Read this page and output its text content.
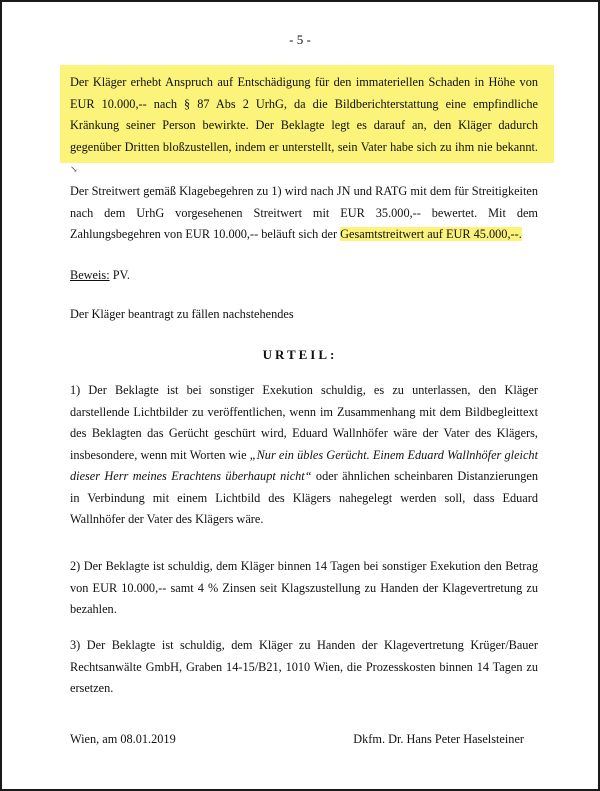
- 5 -
Der Kläger erhebt Anspruch auf Entschädigung für den immateriellen Schaden in Höhe von EUR 10.000,-- nach § 87 Abs 2 UrhG, da die Bildberichterstattung eine empfindliche Kränkung seiner Person bewirkte. Der Beklagte legt es darauf an, den Kläger dadurch gegenüber Dritten bloßzustellen, indem er unterstellt, sein Vater habe sich zu ihm nie bekannt. ↘
Der Streitwert gemäß Klagebegehren zu 1) wird nach JN und RATG mit dem für Streitigkeiten nach dem UrhG vorgesehenen Streitwert mit EUR 35.000,-- bewertet. Mit dem Zahlungsbegehren von EUR 10.000,-- beläuft sich der Gesamtstreitwert auf EUR 45.000,--.
Beweis: PV.
Der Kläger beantragt zu fällen nachstehendes
URTEIL:
1) Der Beklagte ist bei sonstiger Exekution schuldig, es zu unterlassen, den Kläger darstellende Lichtbilder zu veröffentlichen, wenn im Zusammenhang mit dem Bildbegleittext des Beklagten das Gerücht geschürt wird, Eduard Wallnhöfer wäre der Vater des Klägers, insbesondere, wenn mit Worten wie „Nur ein übles Gerücht. Einem Eduard Wallnhöfer gleicht dieser Herr meines Erachtens überhaupt nicht“ oder ähnlichen scheinbaren Distanzierungen in Verbindung mit einem Lichtbild des Klägers nahegelegt werden soll, dass Eduard Wallnhöfer der Vater des Klägers wäre.
2) Der Beklagte ist schuldig, dem Kläger binnen 14 Tagen bei sonstiger Exekution den Betrag von EUR 10.000,-- samt 4 % Zinsen seit Klagszustellung zu Handen der Klagevertretung zu bezahlen.
3) Der Beklagte ist schuldig, dem Kläger zu Handen der Klagevertretung Krüger/Bauer Rechtsanwälte GmbH, Graben 14-15/B21, 1010 Wien, die Prozesskosten binnen 14 Tagen zu ersetzen.
Wien, am 08.01.2019	Dkfm. Dr. Hans Peter Haselsteiner
